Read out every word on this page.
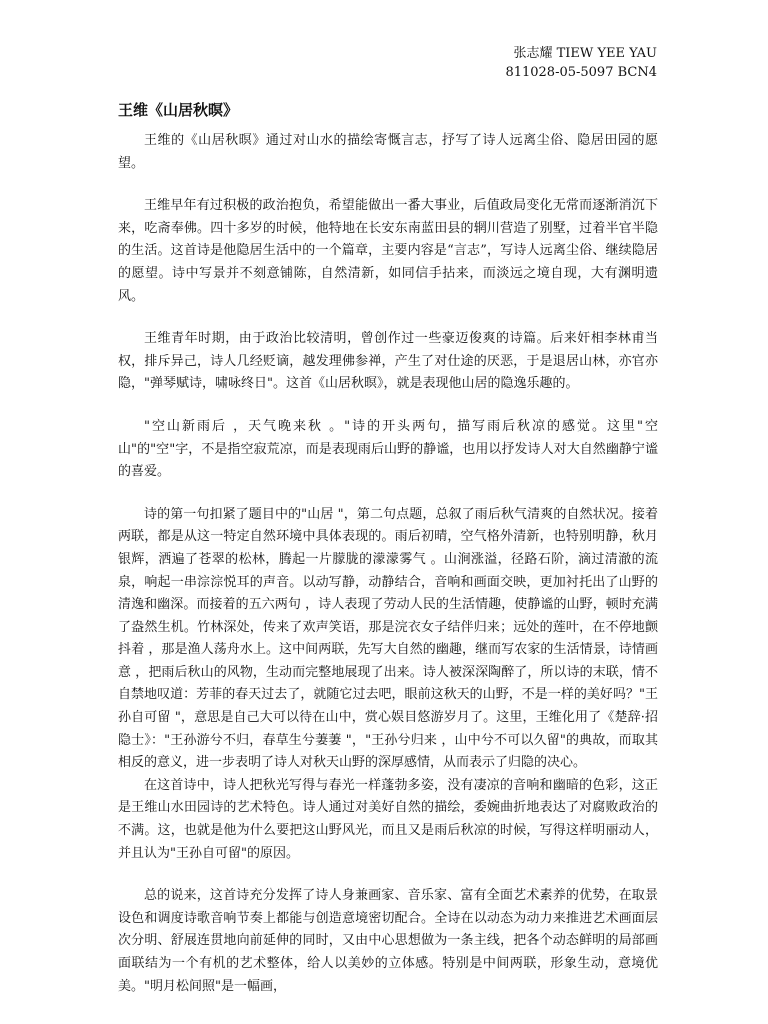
张志耀 TIEW YEE YAU
811028-05-5097 BCN4
王维《山居秋暝》

王维的《山居秋暝》通过对山水的描绘寄慨言志，抒写了诗人远离尘俗、隐居田园的愿望。

王维早年有过积极的政治抱负，希望能做出一番大事业，后值政局变化无常而逐渐消沉下来，吃斋奉佛。四十多岁的时候，他特地在长安东南蓝田县的辋川营造了别墅，过着半官半隐的生活。这首诗是他隐居生活中的一个篇章，主要内容是“言志”，写诗人远离尘俗、继续隐居的愿望。诗中写景并不刻意铺陈，自然清新，如同信手拈来，而淡远之境自现，大有渊明遗风。

王维青年时期，由于政治比较清明，曾创作过一些豪迈俊爽的诗篇。后来奸相李林甫当权，排斥异己，诗人几经贬谪，越发理佛参禅，产生了对仕途的厌恶，于是退居山林，亦官亦隐，"弹琴赋诗，啸咏终日"。这首《山居秋暝》，就是表现他山居的隐逸乐趣的。

"空山新雨后 ，天气晚来秋 。"诗的开头两句，描写雨后秋凉的感觉。这里"空山"的"空"字，不是指空寂荒凉，而是表现雨后山野的静谧，也用以抒发诗人对大自然幽静宁谧的喜爱。

诗的第一句扣紧了题目中的"山居 "，第二句点题，总叙了雨后秋气清爽的自然状况。接着两联，都是从这一特定自然环境中具体表现的。雨后初晴，空气格外清新，也特别明静，秋月银辉，洒遍了苍翠的松林，腾起一片朦胧的濛濛雾气 。山涧涨溢，径路石阶，滴过清澈的流泉，响起一串淙淙悦耳的声音。以动写静，动静结合，音响和画面交映，更加衬托出了山野的清逸和幽深。而接着的五六两句 ，诗人表现了劳动人民的生活情趣，使静谧的山野，顿时充满了盎然生机。竹林深处，传来了欢声笑语，那是浣衣女子结伴归来；远处的莲叶，在不停地颤抖着 ，那是渔人荡舟水上。这中间两联，先写大自然的幽趣，继而写农家的生活情景，诗情画意 ，把雨后秋山的风物，生动而完整地展现了出来。诗人被深深陶醉了，所以诗的末联，情不自禁地叹道：芳菲的春天过去了，就随它过去吧，眼前这秋天的山野，不是一样的美好吗？"王孙自可留 "，意思是自己大可以待在山中，赏心娱目悠游岁月了。这里，王维化用了《楚辞·招隐士》："王孙游兮不归，春草生兮萋萋 "，"王孙兮归来 ，山中兮不可以久留"的典故，而取其相反的意义，进一步表明了诗人对秋天山野的深厚感情，从而表示了归隐的决心。

在这首诗中，诗人把秋光写得与春光一样蓬勃多姿，没有凄凉的音响和幽暗的色彩，这正是王维山水田园诗的艺术特色。诗人通过对美好自然的描绘，委婉曲折地表达了对腐败政治的不满。这，也就是他为什么要把这山野风光，而且又是雨后秋凉的时候，写得这样明丽动人，并且认为"王孙自可留"的原因。

总的说来，这首诗充分发挥了诗人身兼画家、音乐家、富有全面艺术素养的优势，在取景设色和调度诗歌音响节奏上都能与创造意境密切配合。全诗在以动态为动力来推进艺术画面层次分明、舒展连贯地向前延伸的同时，又由中心思想做为一条主线，把各个动态鲜明的局部画面联结为一个有机的艺术整体，给人以美妙的立体感。特别是中间两联，形象生动，意境优美。"明月松间照"是一幅画，
